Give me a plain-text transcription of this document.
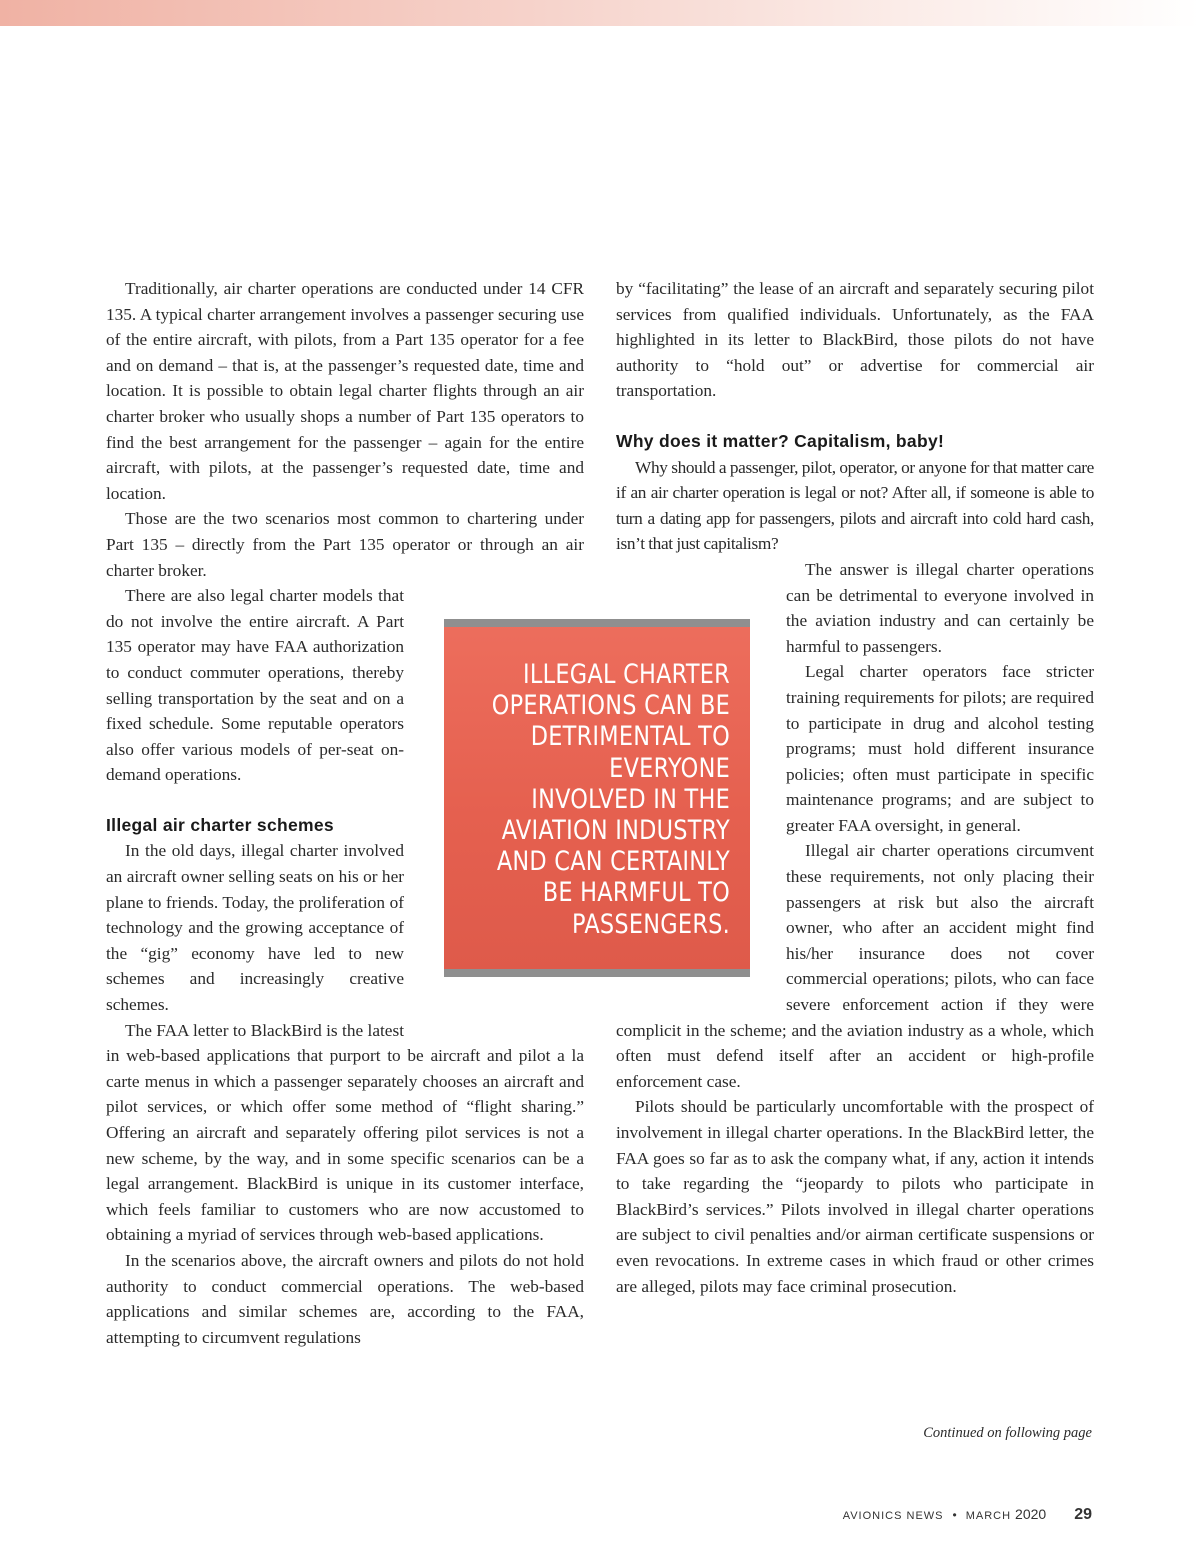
Traditionally, air charter operations are conducted under 14 CFR 135. A typical charter arrangement involves a passenger securing use of the entire aircraft, with pilots, from a Part 135 operator for a fee and on demand – that is, at the passenger’s requested date, time and location. It is possible to obtain legal charter flights through an air charter broker who usually shops a number of Part 135 operators to find the best arrangement for the passenger – again for the entire aircraft, with pilots, at the passenger’s requested date, time and location.

Those are the two scenarios most common to chartering under Part 135 – directly from the Part 135 operator or through an air charter broker.

There are also legal charter models that do not involve the entire aircraft. A Part 135 operator may have FAA authorization to conduct commuter operations, thereby selling transportation by the seat and on a fixed schedule. Some reputable operators also offer various models of per-seat on-demand operations.

Illegal air charter schemes

In the old days, illegal charter involved an aircraft owner selling seats on his or her plane to friends. Today, the proliferation of technology and the growing acceptance of the “gig” economy have led to new schemes and increasingly creative schemes.

The FAA letter to BlackBird is the latest in web-based applications that purport to be aircraft and pilot a la carte menus in which a passenger separately chooses an aircraft and pilot services, or which offer some method of “flight sharing.” Offering an aircraft and separately offering pilot services is not a new scheme, by the way, and in some specific scenarios can be a legal arrangement. BlackBird is unique in its customer interface, which feels familiar to customers who are now accustomed to obtaining a myriad of services through web-based applications.

In the scenarios above, the aircraft owners and pilots do not hold authority to conduct commercial operations. The web-based applications and similar schemes are, according to the FAA, attempting to circumvent regulations

by “facilitating” the lease of an aircraft and separately securing pilot services from qualified individuals. Unfortunately, as the FAA highlighted in its letter to BlackBird, those pilots do not have authority to “hold out” or advertise for commercial air transportation.

Why does it matter? Capitalism, baby!

Why should a passenger, pilot, operator, or anyone for that matter care if an air charter operation is legal or not? After all, if someone is able to turn a dating app for passengers, pilots and aircraft into cold hard cash, isn’t that just capitalism?

The answer is illegal charter operations can be detrimental to everyone involved in the aviation industry and can certainly be harmful to passengers.

Legal charter operators face stricter training requirements for pilots; are required to participate in drug and alcohol testing programs; must hold different insurance policies; often must participate in specific maintenance programs; and are subject to greater FAA oversight, in general.

Illegal air charter operations circumvent these requirements, not only placing their passengers at risk but also the aircraft owner, who after an accident might find his/her insurance does not cover commercial operations; pilots, who can face severe enforcement action if they were complicit in the scheme; and the aviation industry as a whole, which often must defend itself after an accident or high-profile enforcement case.

Pilots should be particularly uncomfortable with the prospect of involvement in illegal charter operations. In the BlackBird letter, the FAA goes so far as to ask the company what, if any, action it intends to take regarding the “jeopardy to pilots who participate in BlackBird’s services.” Pilots involved in illegal charter operations are subject to civil penalties and/or airman certificate suspensions or even revocations. In extreme cases in which fraud or other crimes are alleged, pilots may face criminal prosecution.

ILLEGAL CHARTER OPERATIONS CAN BE DETRIMENTAL TO EVERYONE INVOLVED IN THE AVIATION INDUSTRY AND CAN CERTAINLY BE HARMFUL TO PASSENGERS.
Continued on following page
AVIONICS NEWS • MARCH 2020 29
